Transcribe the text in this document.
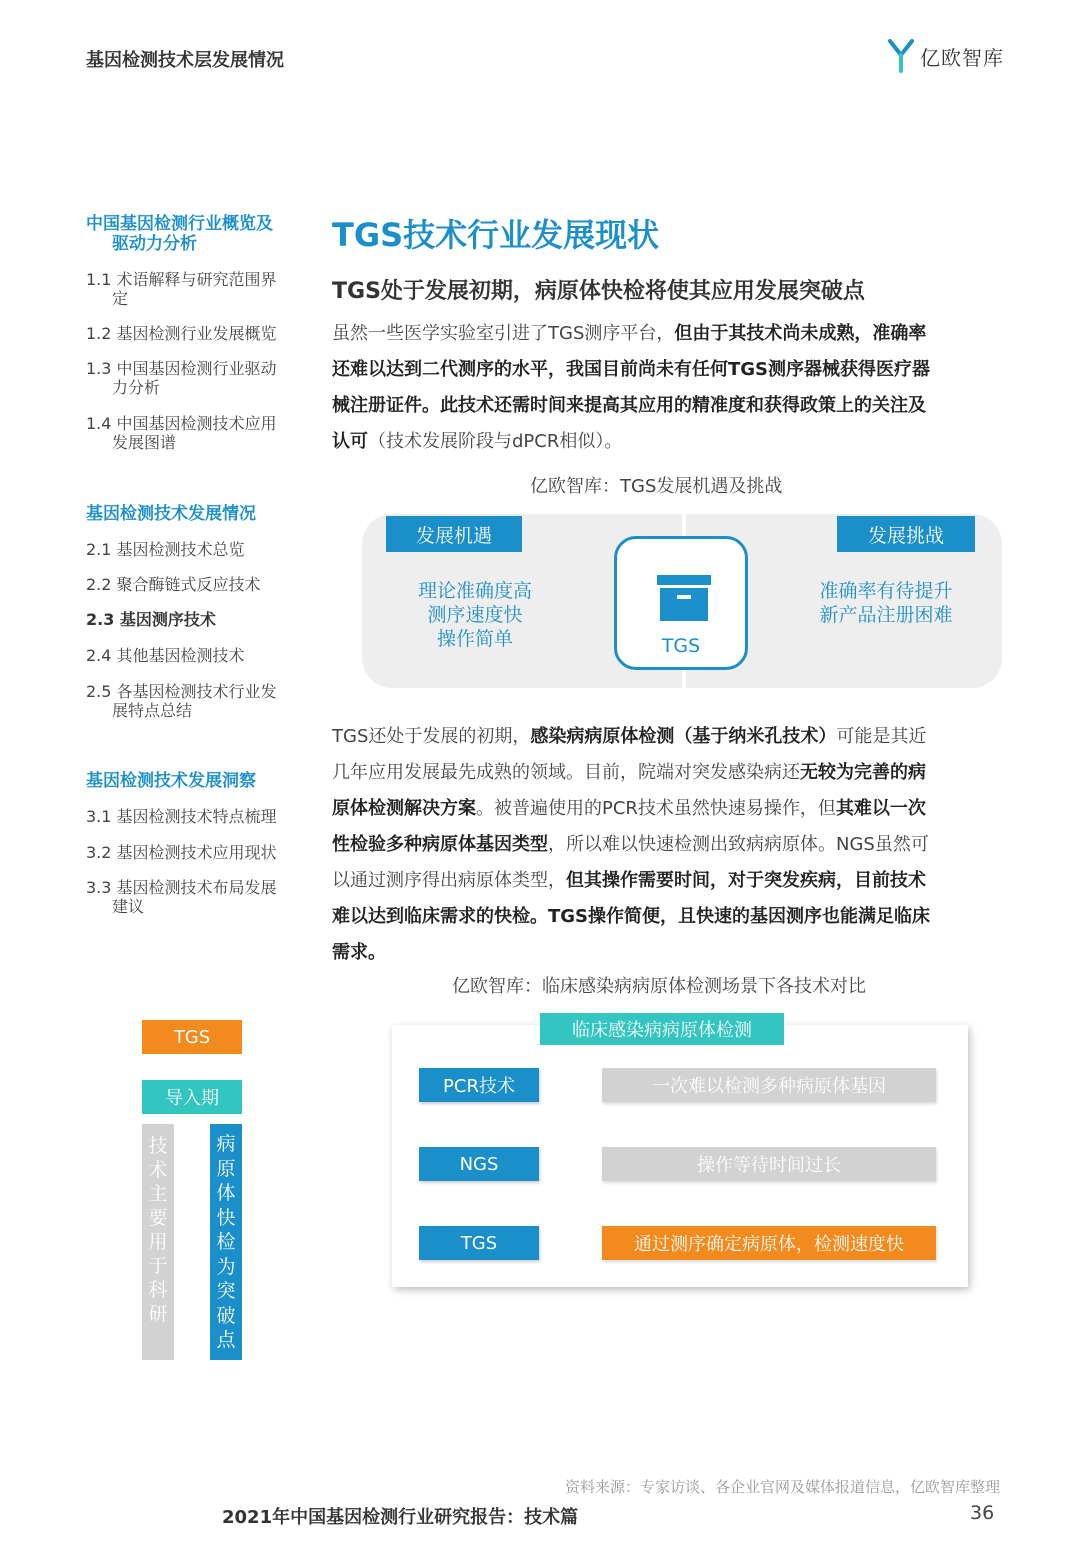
基因检测技术层发展情况	亿欧智库
中国基因检测行业概览及
驱动力分析
1.1 术语解释与研究范围界
定
1.2 基因检测行业发展概览
1.3 中国基因检测行业驱动
力分析
1.4 中国基因检测技术应用
发展图谱
基因检测技术发展情况
2.1 基因检测技术总览
2.2 聚合酶链式反应技术
2.3 基因测序技术
2.4 其他基因检测技术
2.5 各基因检测技术行业发
展特点总结
基因检测技术发展洞察
3.1 基因检测技术特点梳理
3.2 基因检测技术应用现状
3.3 基因检测技术布局发展
建议
TGS技术行业发展现状
TGS处于发展初期，病原体快检将使其应用发展突破点
虽然一些医学实验室引进了TGS测序平台，但由于其技术尚未成熟，准确率
还难以达到二代测序的水平，我国目前尚未有任何TGS测序器械获得医疗器
械注册证件。此技术还需时间来提高其应用的精准度和获得政策上的关注及
认可（技术发展阶段与dPCR相似）。
亿欧智库：TGS发展机遇及挑战
发展机遇
理论准确度高
测序速度快
操作简单
发展挑战
准确率有待提升
新产品注册困难
TGS
TGS还处于发展的初期，感染病病原体检测（基于纳米孔技术）可能是其近
几年应用发展最先成熟的领域。目前，院端对突发感染病还无较为完善的病
原体检测解决方案。被普遍使用的PCR技术虽然快速易操作，但其难以一次
性检验多种病原体基因类型，所以难以快速检测出致病病原体。NGS虽然可
以通过测序得出病原体类型，但其操作需要时间，对于突发疾病，目前技术
难以达到临床需求的快检。TGS操作简便，且快速的基因测序也能满足临床
需求。
亿欧智库：临床感染病病原体检测场景下各技术对比
TGS
导入期
技
术
主
要
用
于
科
研
病
原
体
快
检
为
突
破
点
临床感染病病原体检测
PCR技术	一次难以检测多种病原体基因
NGS	操作等待时间过长
TGS	通过测序确定病原体，检测速度快
资料来源：专家访谈、各企业官网及媒体报道信息，亿欧智库整理
2021年中国基因检测行业研究报告：技术篇	36
